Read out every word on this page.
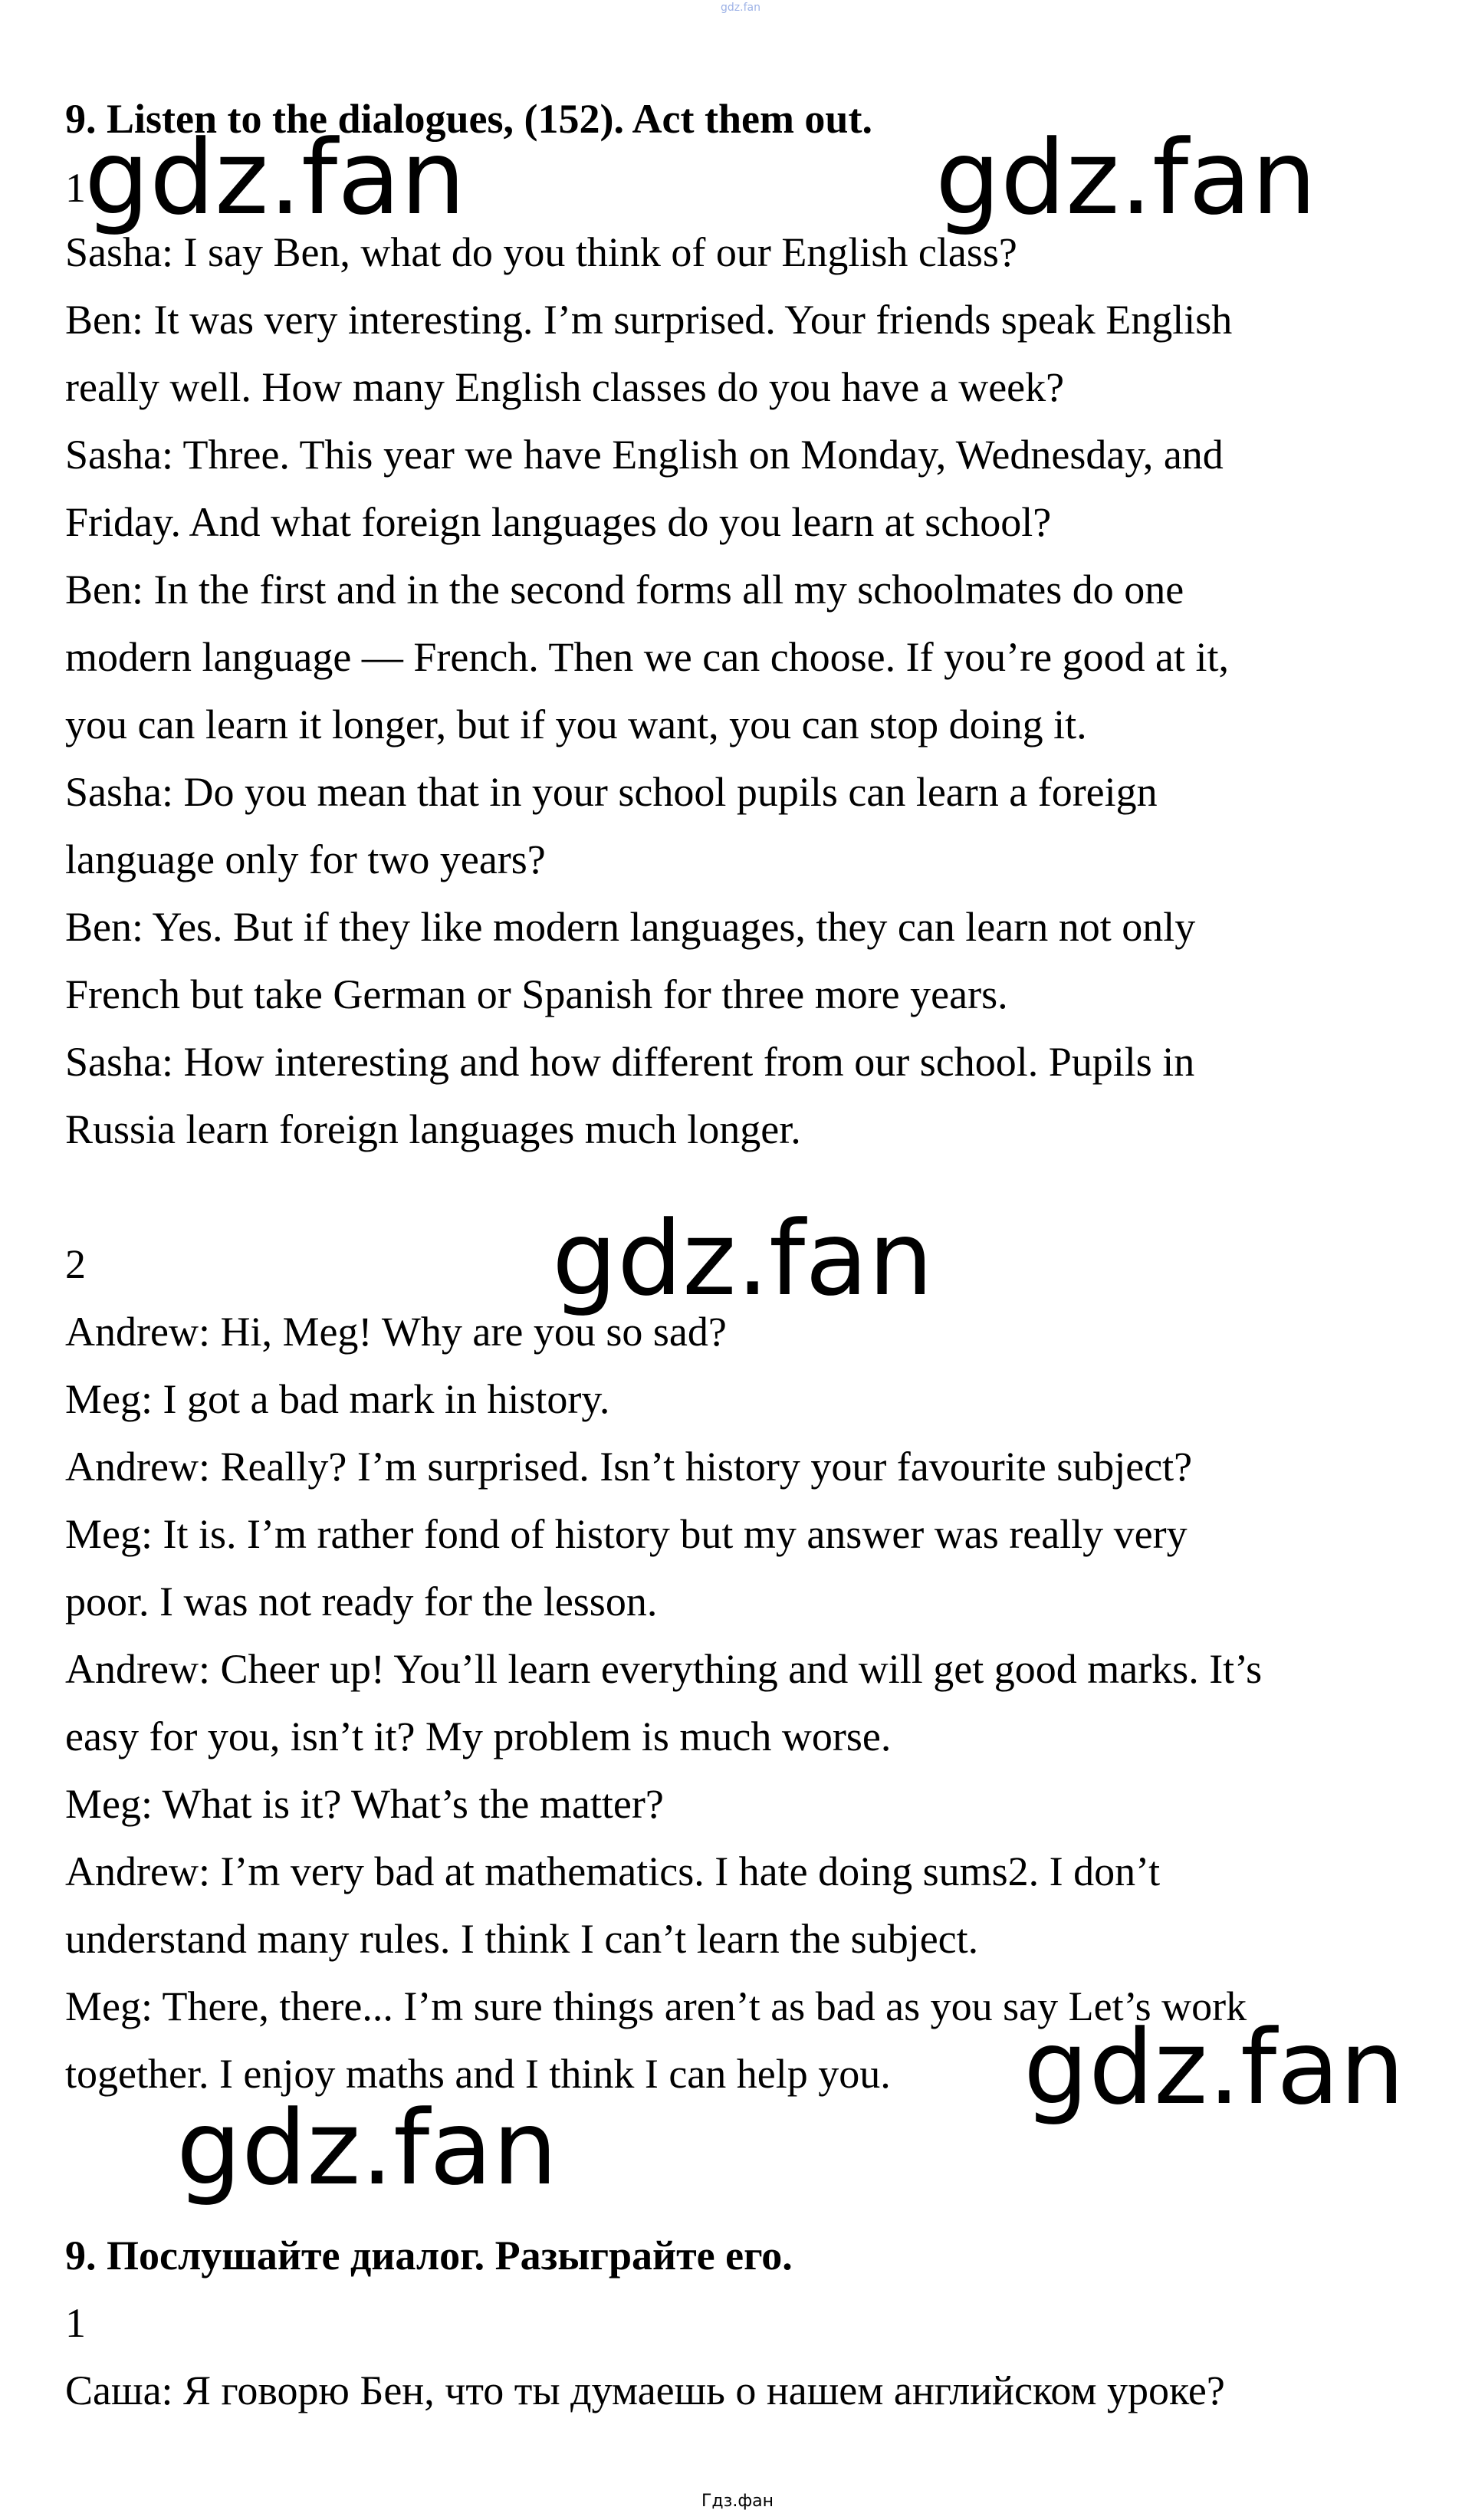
gdz.fan
9. Listen to the dialogues, (152). Act them out.
1
Sasha: I say Ben, what do you think of our English class?
Ben: It was very interesting. I’m surprised. Your friends speak English
really well. How many English classes do you have a week?
Sasha: Three. This year we have English on Monday, Wednesday, and
Friday. And what foreign languages do you learn at school?
Ben: In the first and in the second forms all my schoolmates do one
modern language — French. Then we can choose. If you’re good at it,
you can learn it longer, but if you want, you can stop doing it.
Sasha: Do you mean that in your school pupils can learn a foreign
language only for two years?
Ben: Yes. But if they like modern languages, they can learn not only
French but take German or Spanish for three more years.
Sasha: How interesting and how different from our school. Pupils in
Russia learn foreign languages much longer.
2
Andrew: Hi, Meg! Why are you so sad?
Meg: I got a bad mark in history.
Andrew: Really? I’m surprised. Isn’t history your favourite subject?
Meg: It is. I’m rather fond of history but my answer was really very
poor. I was not ready for the lesson.
Andrew: Cheer up! You’ll learn everything and will get good marks. It’s
easy for you, isn’t it? My problem is much worse.
Meg: What is it? What’s the matter?
Andrew: I’m very bad at mathematics. I hate doing sums2. I don’t
understand many rules. I think I can’t learn the subject.
Meg: There, there... I’m sure things aren’t as bad as you say Let’s work
together. I enjoy maths and I think I can help you.
9. Послушайте диалог. Разыграйте его.
1
Саша: Я говорю Бен, что ты думаешь о нашем английском уроке?
gdz.fan	gdz.fan
gdz.fan
gdz.fan
gdz.fan
Гдз.фан
